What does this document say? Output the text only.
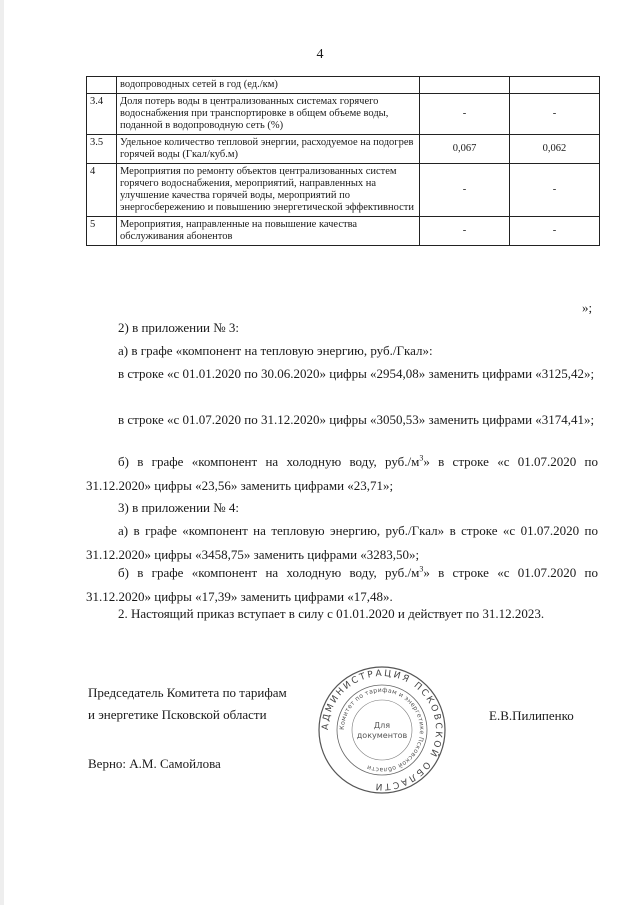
4
	водопроводных сетей в год (ед./км)		
3.4	Доля потерь воды в централизованных системах горячего водоснабжения при транспортировке в общем объеме воды, поданной в водопроводную сеть (%)	-	-
3.5	Удельное количество тепловой энергии, расходуемое на подогрев горячей воды (Гкал/куб.м)	0,067	0,062
4	Мероприятия по ремонту объектов централизованных систем горячего водоснабжения, мероприятий, направленных на улучшение качества горячей воды, мероприятий по энергосбережению и повышению энергетической эффективности	-	-
5	Мероприятия, направленные на повышение качества обслуживания абонентов	-	-
»;

2) в приложении № 3:

а) в графе «компонент на тепловую энергию, руб./Гкал»:

в строке «с 01.01.2020 по 30.06.2020» цифры «2954,08» заменить цифрами «3125,42»;

в строке «с 01.07.2020 по 31.12.2020» цифры «3050,53» заменить цифрами «3174,41»;

б) в графе «компонент на холодную воду, $руб./м^3$» в строке «с 01.07.2020 по 31.12.2020» цифры «23,56» заменить цифрами «23,71»;

3) в приложении № 4:

а) в графе «компонент на тепловую энергию, руб./Гкал» в строке «с 01.07.2020 по 31.12.2020» цифры «3458,75» заменить цифрами «3283,50»;

б) в графе «компонент на холодную воду, $руб./м^3$» в строке «с 01.07.2020 по 31.12.2020» цифры «17,39» заменить цифрами «17,48».

2. Настоящий приказ вступает в силу с 01.01.2020 и действует по 31.12.2023.

Председатель Комитета по тарифам
и энергетике Псковской области
АДМИНИСТРАЦИЯ ПСКОВСКОЙ ОБЛАСТИ
Комитет по тарифам и энергетике Псковской области
Для
документов
Е.В.Пилипенко
Верно: А.М. Самойлова
